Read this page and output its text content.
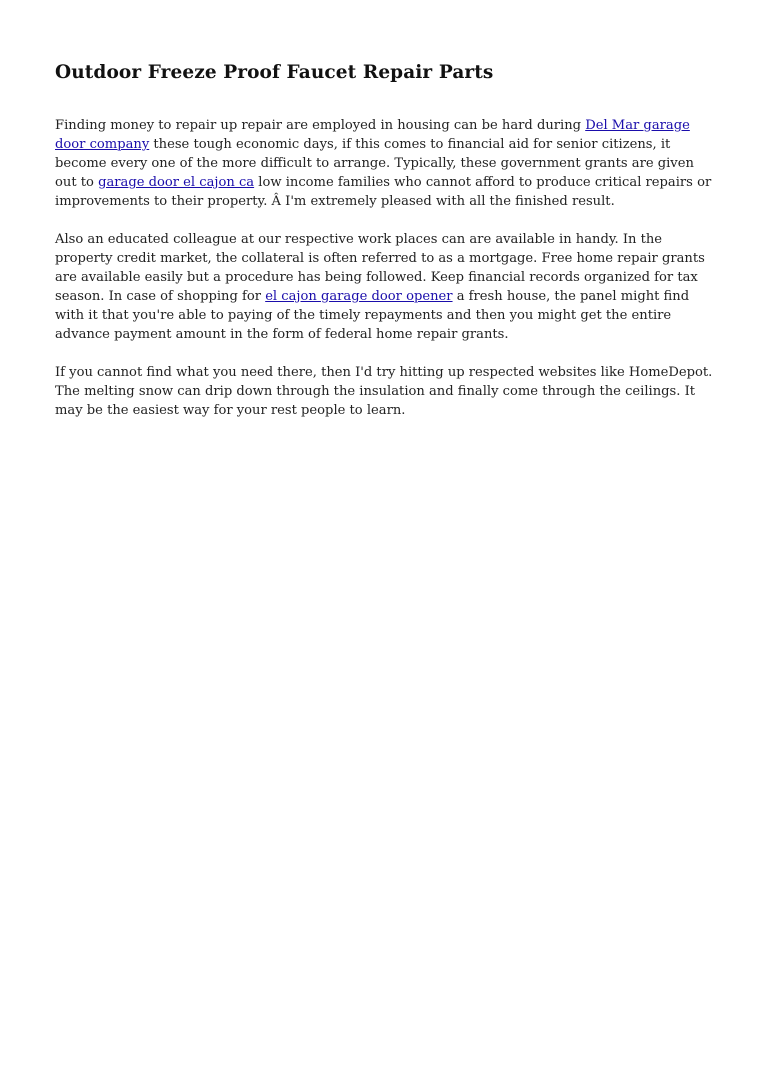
Outdoor Freeze Proof Faucet Repair Parts

Finding money to repair up repair are employed in housing can be hard during Del Mar garage door company these tough economic days, if this comes to financial aid for senior citizens, it become every one of the more difficult to arrange. Typically, these government grants are given out to garage door el cajon ca low income families who cannot afford to produce critical repairs or improvements to their property. Â I'm extremely pleased with all the finished result.

Also an educated colleague at our respective work places can are available in handy. In the property credit market, the collateral is often referred to as a mortgage. Free home repair grants are available easily but a procedure has being followed. Keep financial records organized for tax season. In case of shopping for el cajon garage door opener a fresh house, the panel might find with it that you're able to paying of the timely repayments and then you might get the entire advance payment amount in the form of federal home repair grants.

If you cannot find what you need there, then I'd try hitting up respected websites like HomeDepot. The melting snow can drip down through the insulation and finally come through the ceilings. It may be the easiest way for your rest people to learn.
